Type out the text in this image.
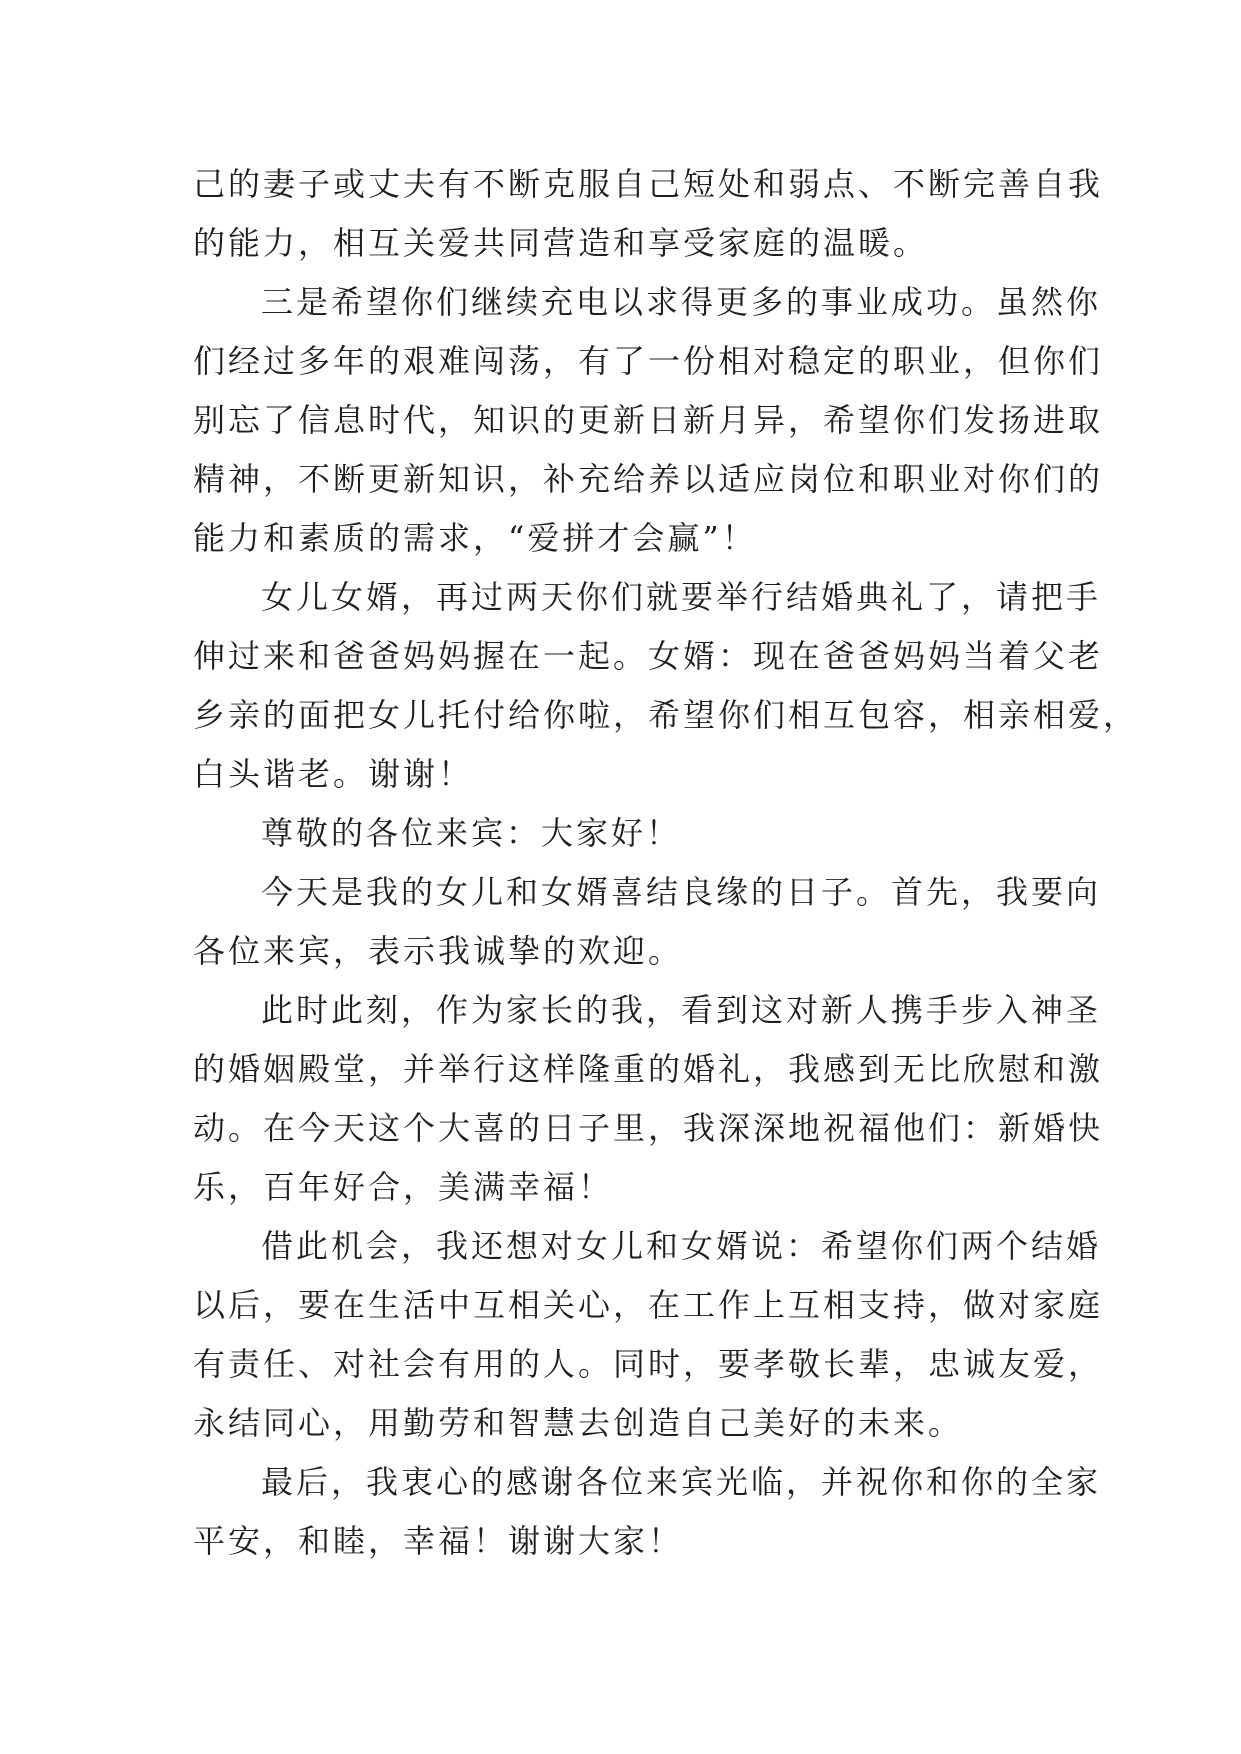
己的妻子或丈夫有不断克服自己短处和弱点、不断完善自我
的能力，相互关爱共同营造和享受家庭的温暖。
三是希望你们继续充电以求得更多的事业成功。虽然你
们经过多年的艰难闯荡，有了一份相对稳定的职业，但你们
别忘了信息时代，知识的更新日新月异，希望你们发扬进取
精神，不断更新知识，补充给养以适应岗位和职业对你们的
能力和素质的需求，“爱拼才会赢”！
女儿女婿，再过两天你们就要举行结婚典礼了，请把手
伸过来和爸爸妈妈握在一起。女婿：现在爸爸妈妈当着父老
乡亲的面把女儿托付给你啦，希望你们相互包容，相亲相爱，
白头谐老。谢谢！
尊敬的各位来宾：大家好！
今天是我的女儿和女婿喜结良缘的日子。首先，我要向
各位来宾，表示我诚挚的欢迎。
此时此刻，作为家长的我，看到这对新人携手步入神圣
的婚姻殿堂，并举行这样隆重的婚礼，我感到无比欣慰和激
动。在今天这个大喜的日子里，我深深地祝福他们：新婚快
乐，百年好合，美满幸福！
借此机会，我还想对女儿和女婿说：希望你们两个结婚
以后，要在生活中互相关心，在工作上互相支持，做对家庭
有责任、对社会有用的人。同时，要孝敬长辈，忠诚友爱，
永结同心，用勤劳和智慧去创造自己美好的未来。
最后，我衷心的感谢各位来宾光临，并祝你和你的全家
平安，和睦，幸福！谢谢大家！
